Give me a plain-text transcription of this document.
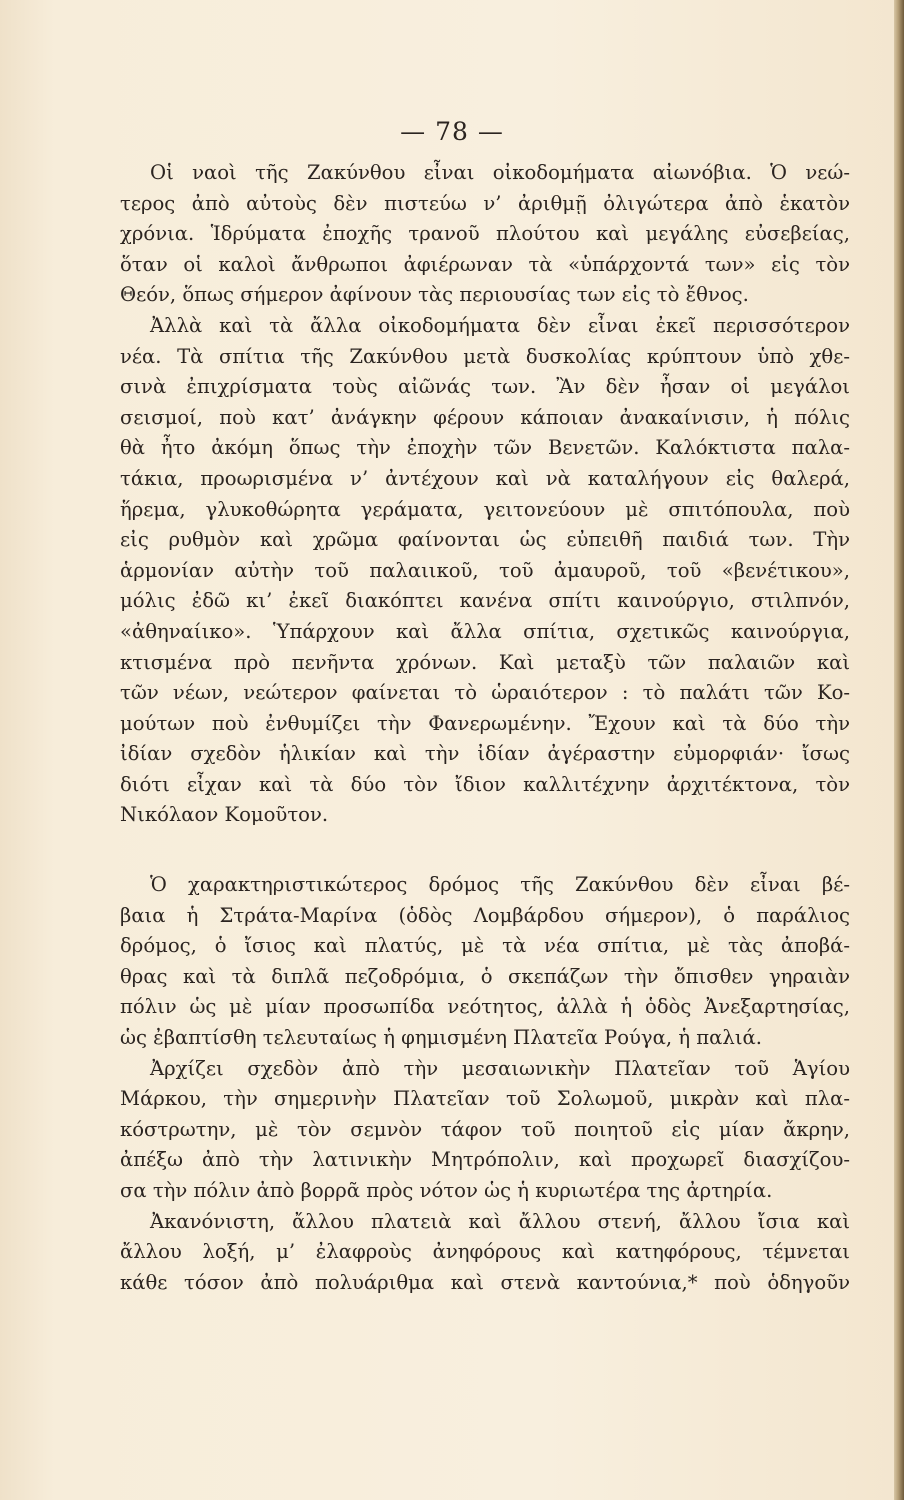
— 78 —
Οἱ ναοὶ τῆς Ζακύνθου εἶναι οἰκοδομήματα αἰωνόβια. Ὁ νεώ-
τερος ἀπὸ αὐτοὺς δὲν πιστεύω ν’ ἀριθμῇ ὀλιγώτερα ἀπὸ ἑκατὸν
χρόνια. Ἱδρύματα ἐποχῆς τρανοῦ πλούτου καὶ μεγάλης εὐσεβείας,
ὅταν οἱ καλοὶ ἄνθρωποι ἀφιέρωναν τὰ «ὑπάρχοντά των» εἰς τὸν
Θεόν, ὅπως σήμερον ἀφίνουν τὰς περιουσίας των εἰς τὸ ἔθνος.
Ἀλλὰ καὶ τὰ ἄλλα οἰκοδομήματα δὲν εἶναι ἐκεῖ περισσότερον
νέα. Τὰ σπίτια τῆς Ζακύνθου μετὰ δυσκολίας κρύπτουν ὑπὸ χθε-
σινὰ ἐπιχρίσματα τοὺς αἰῶνάς των. Ἂν δὲν ἦσαν οἱ μεγάλοι
σεισμοί, ποὺ κατ’ ἀνάγκην φέρουν κάποιαν ἀνακαίνισιν, ἡ πόλις
θὰ ἦτο ἀκόμη ὅπως τὴν ἐποχὴν τῶν Βενετῶν. Καλόκτιστα παλα-
τάκια, προωρισμένα ν’ ἀντέχουν καὶ νὰ καταλήγουν εἰς θαλερά,
ἥρεμα, γλυκοθώρητα γεράματα, γειτονεύουν μὲ σπιτόπουλα, ποὺ
εἰς ρυθμὸν καὶ χρῶμα φαίνονται ὡς εὐπειθῆ παιδιά των. Τὴν
ἁρμονίαν αὐτὴν τοῦ παλαιικοῦ, τοῦ ἀμαυροῦ, τοῦ «βενέτικου»,
μόλις ἐδῶ κι’ ἐκεῖ διακόπτει κανένα σπίτι καινούργιο, στιλπνόν,
«ἀθηναίικο». Ὑπάρχουν καὶ ἄλλα σπίτια, σχετικῶς καινούργια,
κτισμένα πρὸ πενῆντα χρόνων. Καὶ μεταξὺ τῶν παλαιῶν καὶ
τῶν νέων, νεώτερον φαίνεται τὸ ὡραιότερον : τὸ παλάτι τῶν Κο-
μούτων ποὺ ἐνθυμίζει τὴν Φανερωμένην. Ἔχουν καὶ τὰ δύο τὴν
ἰδίαν σχεδὸν ἡλικίαν καὶ τὴν ἰδίαν ἀγέραστην εὐμορφιάν· ἴσως
διότι εἶχαν καὶ τὰ δύο τὸν ἴδιον καλλιτέχνην ἀρχιτέκτονα, τὸν
Νικόλαον Κομοῦτον.
Ὁ χαρακτηριστικώτερος δρόμος τῆς Ζακύνθου δὲν εἶναι βέ-
βαια ἡ Στράτα-Μαρίνα (ὁδὸς Λομβάρδου σήμερον), ὁ παράλιος
δρόμος, ὁ ἴσιος καὶ πλατύς, μὲ τὰ νέα σπίτια, μὲ τὰς ἀποβά-
θρας καὶ τὰ διπλᾶ πεζοδρόμια, ὁ σκεπάζων τὴν ὄπισθεν γηραιὰν
πόλιν ὡς μὲ μίαν προσωπίδα νεότητος, ἀλλὰ ἡ ὁδὸς Ἀνεξαρτησίας,
ὡς ἐβαπτίσθη τελευταίως ἡ φημισμένη Πλατεῖα Ρούγα, ἡ παλιά.
Ἀρχίζει σχεδὸν ἀπὸ τὴν μεσαιωνικὴν Πλατεῖαν τοῦ Ἁγίου
Μάρκου, τὴν σημερινὴν Πλατεῖαν τοῦ Σολωμοῦ, μικρὰν καὶ πλα-
κόστρωτην, μὲ τὸν σεμνὸν τάφον τοῦ ποιητοῦ εἰς μίαν ἄκρην,
ἀπέξω ἀπὸ τὴν λατινικὴν Μητρόπολιν, καὶ προχωρεῖ διασχίζου-
σα τὴν πόλιν ἀπὸ βορρᾶ πρὸς νότον ὡς ἡ κυριωτέρα της ἀρτηρία.
Ἀκανόνιστη, ἄλλου πλατειὰ καὶ ἄλλου στενή, ἄλλου ἴσια καὶ
ἄλλου λοξή, μ’ ἐλαφροὺς ἀνηφόρους καὶ κατηφόρους, τέμνεται
κάθε τόσον ἀπὸ πολυάριθμα καὶ στενὰ καντούνια,* ποὺ ὁδηγοῦν
